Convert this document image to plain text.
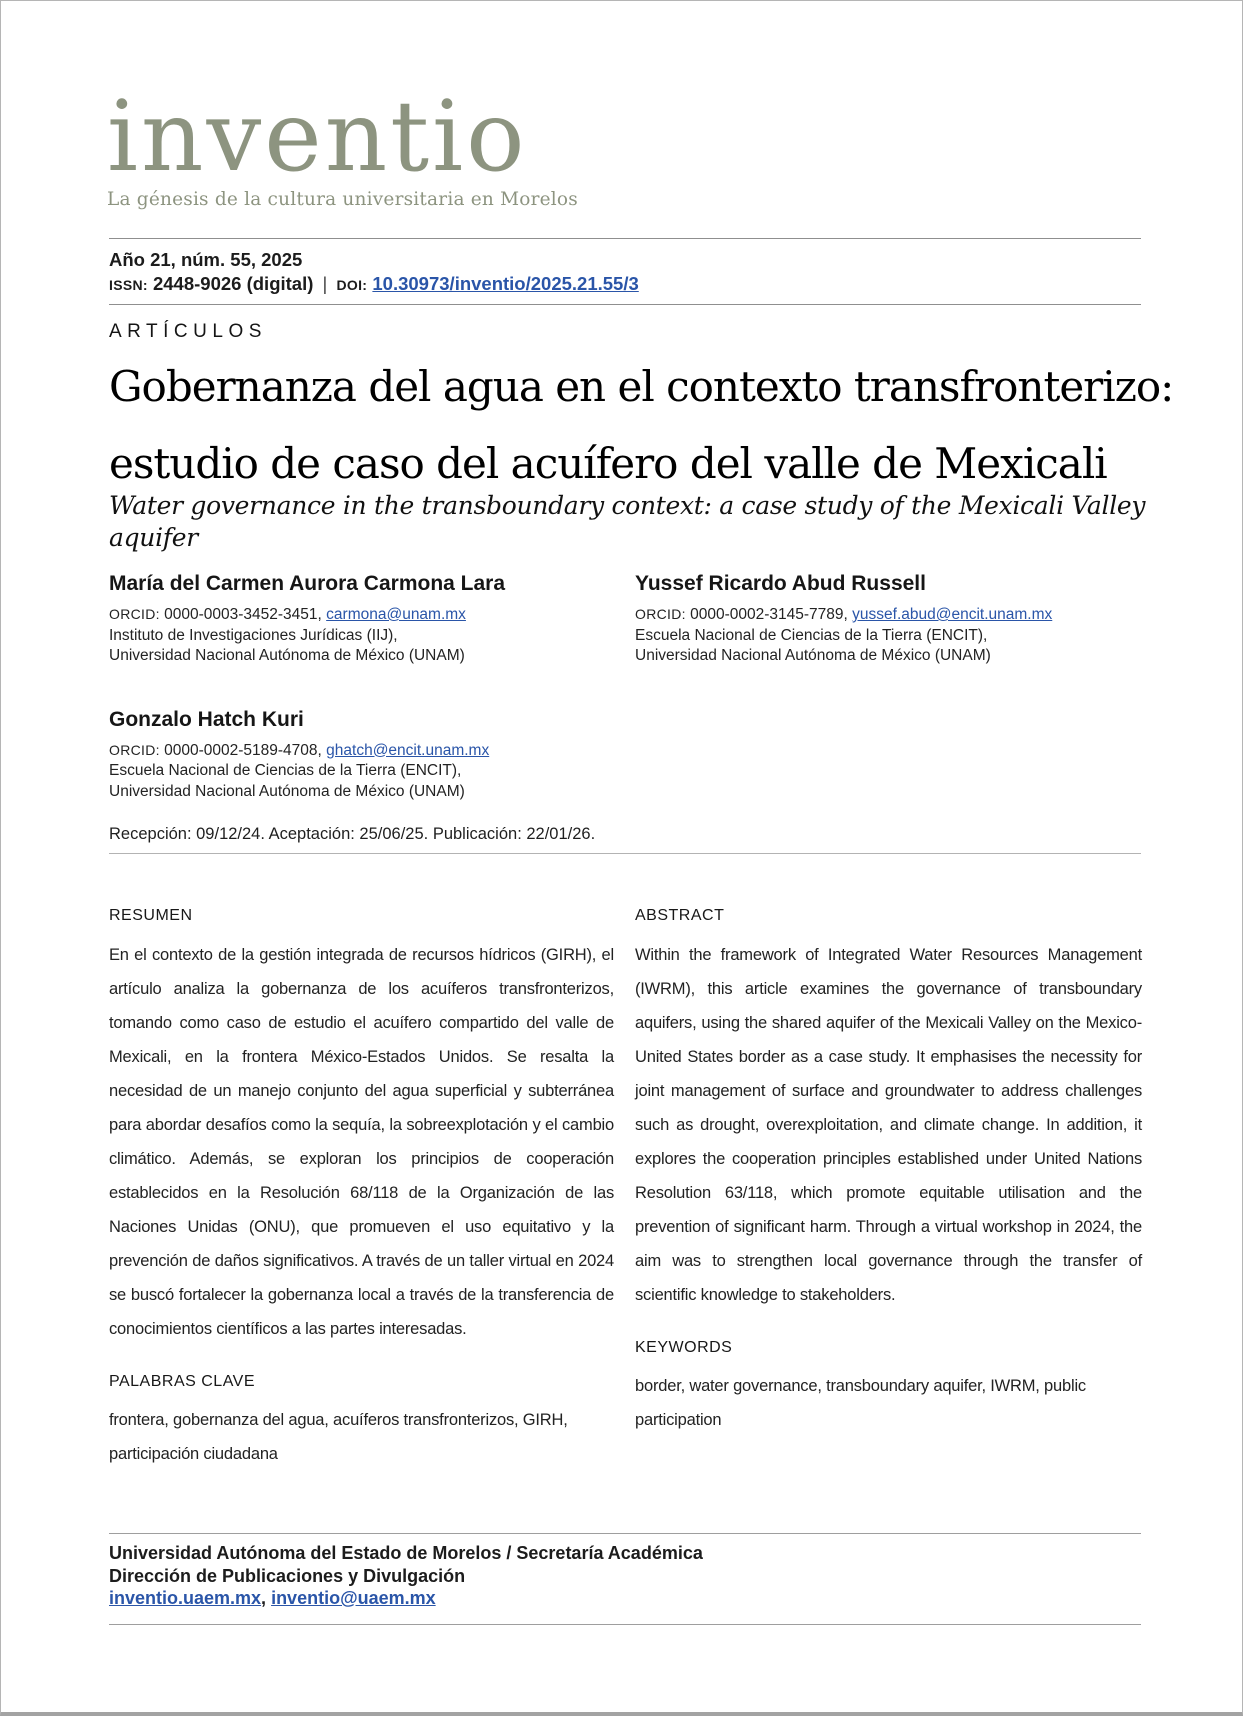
inventio
La génesis de la cultura universitaria en Morelos
Año 21, núm. 55, 2025
ISSN: 2448-9026 (digital) | DOI: 10.30973/inventio/2025.21.55/3
ARTÍCULOS
Gobernanza del agua en el contexto transfronterizo:
estudio de caso del acuífero del valle de Mexicali
Water governance in the transboundary context: a case study of the Mexicali Valley aquifer

María del Carmen Aurora Carmona Lara

ORCID: 0000-0003-3452-3451, carmona@unam.mx
Instituto de Investigaciones Jurídicas (IIJ),
Universidad Nacional Autónoma de México (UNAM)

Yussef Ricardo Abud Russell

ORCID: 0000-0002-3145-7789, yussef.abud@encit.unam.mx
Escuela Nacional de Ciencias de la Tierra (ENCIT),
Universidad Nacional Autónoma de México (UNAM)

Gonzalo Hatch Kuri

ORCID: 0000-0002-5189-4708, ghatch@encit.unam.mx
Escuela Nacional de Ciencias de la Tierra (ENCIT),
Universidad Nacional Autónoma de México (UNAM)
Recepción: 09/12/24. Aceptación: 25/06/25. Publicación: 22/01/26.

RESUMEN

En el contexto de la gestión integrada de recursos hídricos (GIRH), el artículo analiza la gobernanza de los acuíferos transfronterizos, tomando como caso de estudio el acuífero compartido del valle de Mexicali, en la frontera México-Estados Unidos. Se resalta la necesidad de un manejo conjunto del agua superficial y subterránea para abordar desafíos como la sequía, la sobreexplotación y el cambio climático. Además, se exploran los principios de cooperación establecidos en la Resolución 68/118 de la Organización de las Naciones Unidas (ONU), que promueven el uso equitativo y la prevención de daños significativos. A través de un taller virtual en 2024 se buscó fortalecer la gobernanza local a través de la transferencia de conocimientos científicos a las partes interesadas.

PALABRAS CLAVE

frontera, gobernanza del agua, acuíferos transfronterizos, GIRH, participación ciudadana

ABSTRACT

Within the framework of Integrated Water Resources Management (IWRM), this article examines the governance of transboundary aquifers, using the shared aquifer of the Mexicali Valley on the Mexico-United States border as a case study. It emphasises the necessity for joint management of surface and groundwater to address challenges such as drought, overexploitation, and climate change. In addition, it explores the cooperation principles established under United Nations Resolution 63/118, which promote equitable utilisation and the prevention of significant harm. Through a virtual workshop in 2024, the aim was to strengthen local governance through the transfer of scientific knowledge to stakeholders.

KEYWORDS

border, water governance, transboundary aquifer, IWRM, public participation

Universidad Autónoma del Estado de Morelos / Secretaría Académica
Dirección de Publicaciones y Divulgación
inventio.uaem.mx, inventio@uaem.mx
